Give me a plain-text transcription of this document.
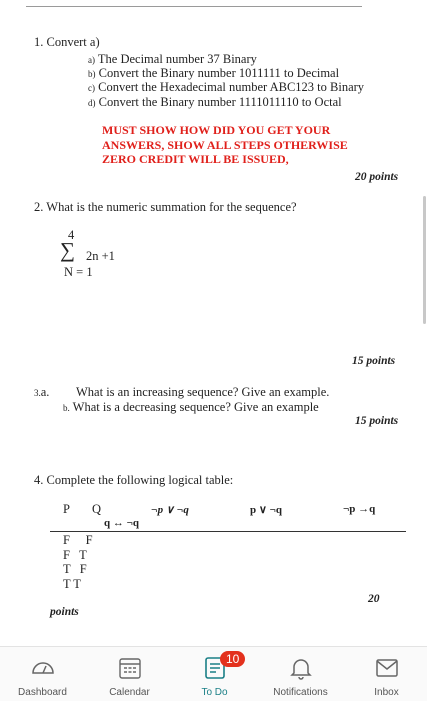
1. Convert a)
a) The Decimal number 37 Binary
b) Convert the Binary number 1011111 to Decimal
c) Convert the Hexadecimal number ABC123 to Binary
d) Convert the Binary number 1111011110 to Octal
MUST SHOW HOW DID YOU GET YOUR ANSWERS, SHOW ALL STEPS OTHERWISE ZERO CREDIT WILL BE ISSUED,
20 points
2. What is the numeric summation for the sequence?
4
∑ 2n +1
N = 1
15 points
3.a. What is an increasing sequence? Give an example.
b. What is a decreasing sequence? Give an example
15 points
4. Complete the following logical table:
P Q	¬p ∨ ¬q	p ∨ ¬q	¬p →q
q ↔ ¬q
F     F
F   T
T   F
T T
20
points
Dashboard	Calendar
10
To Do	Notifications	Inbox
